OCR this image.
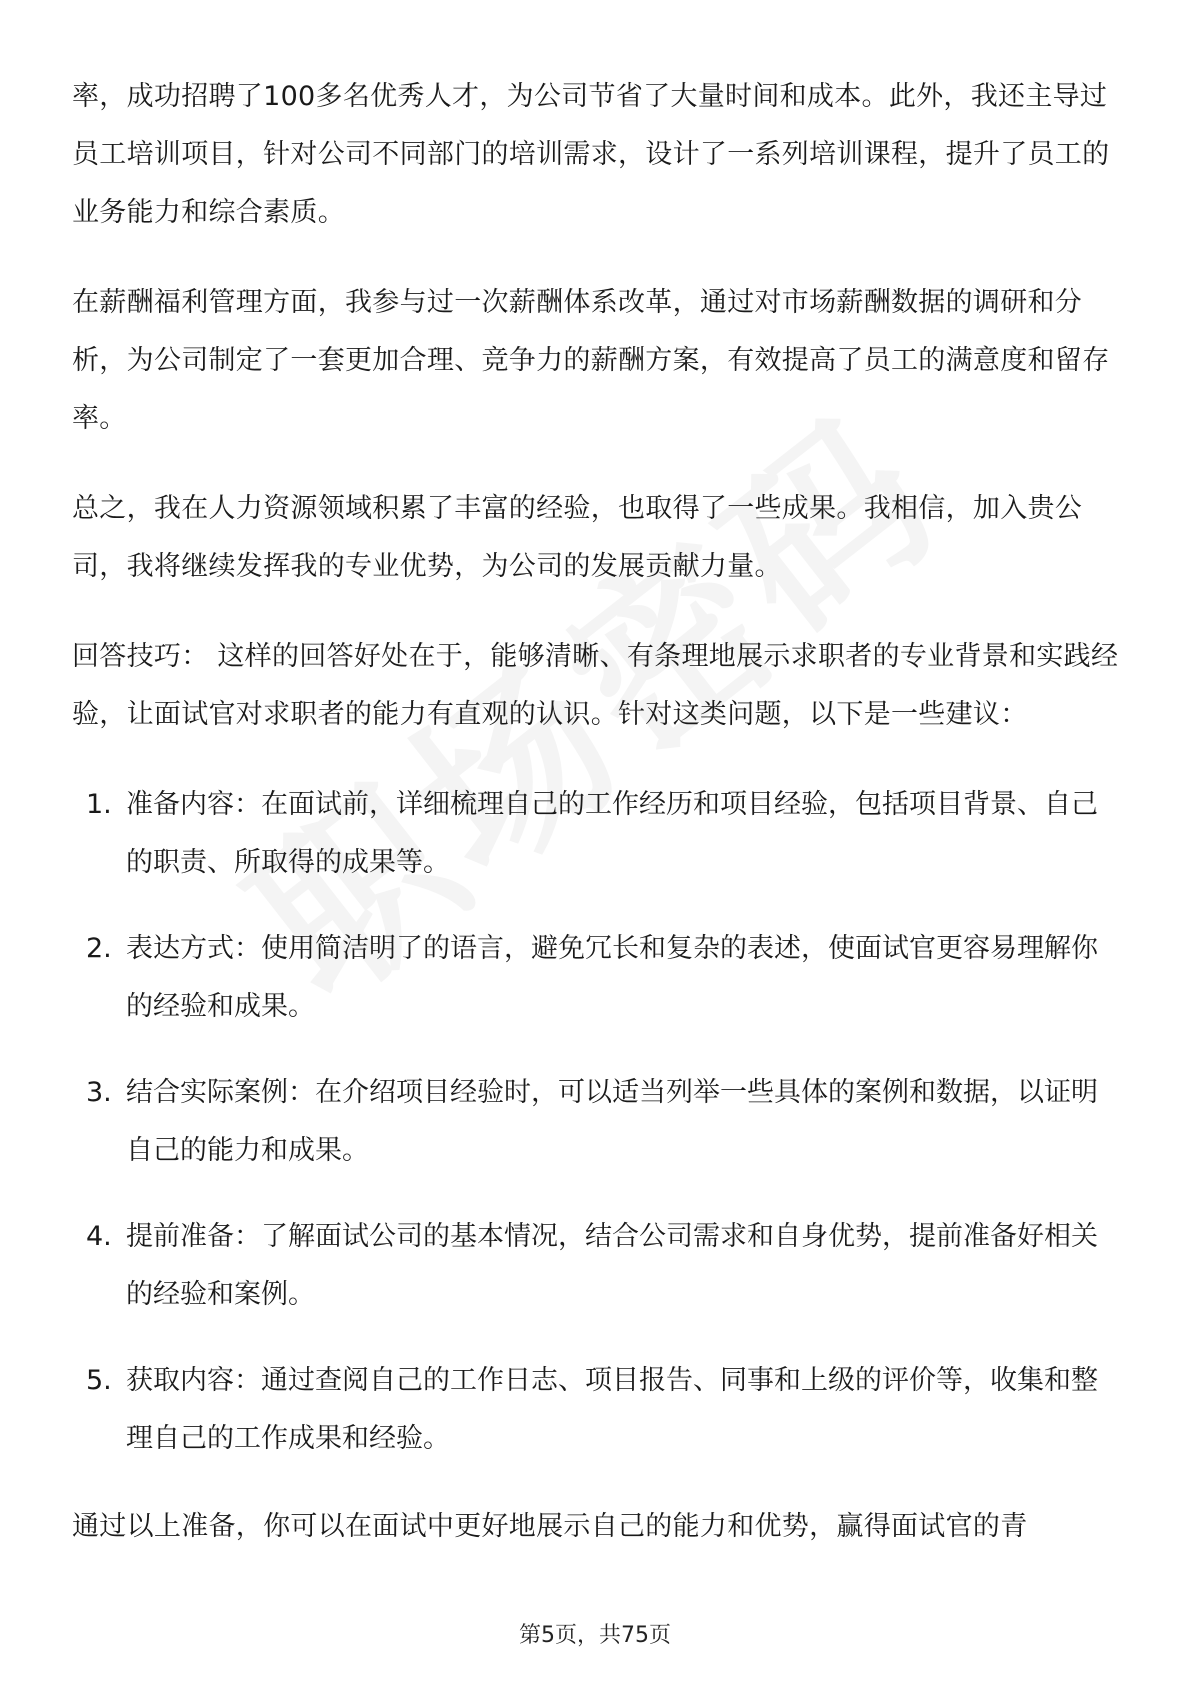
率，成功招聘了100多名优秀人才，为公司节省了大量时间和成本。此外，我还主导过员工培训项目，针对公司不同部门的培训需求，设计了一系列培训课程，提升了员工的业务能力和综合素质。

在薪酬福利管理方面，我参与过一次薪酬体系改革，通过对市场薪酬数据的调研和分析，为公司制定了一套更加合理、竞争力的薪酬方案，有效提高了员工的满意度和留存率。

总之，我在人力资源领域积累了丰富的经验，也取得了一些成果。我相信，加入贵公司，我将继续发挥我的专业优势，为公司的发展贡献力量。

回答技巧： 这样的回答好处在于，能够清晰、有条理地展示求职者的专业背景和实践经验，让面试官对求职者的能力有直观的认识。针对这类问题，以下是一些建议：

1. 准备内容：在面试前，详细梳理自己的工作经历和项目经验，包括项目背景、自己的职责、所取得的成果等。
2. 表达方式：使用简洁明了的语言，避免冗长和复杂的表述，使面试官更容易理解你的经验和成果。
3. 结合实际案例：在介绍项目经验时，可以适当列举一些具体的案例和数据，以证明自己的能力和成果。
4. 提前准备：了解面试公司的基本情况，结合公司需求和自身优势，提前准备好相关的经验和案例。
5. 获取内容：通过查阅自己的工作日志、项目报告、同事和上级的评价等，收集和整理自己的工作成果和经验。

通过以上准备，你可以在面试中更好地展示自己的能力和优势，赢得面试官的青

第5页，共75页
